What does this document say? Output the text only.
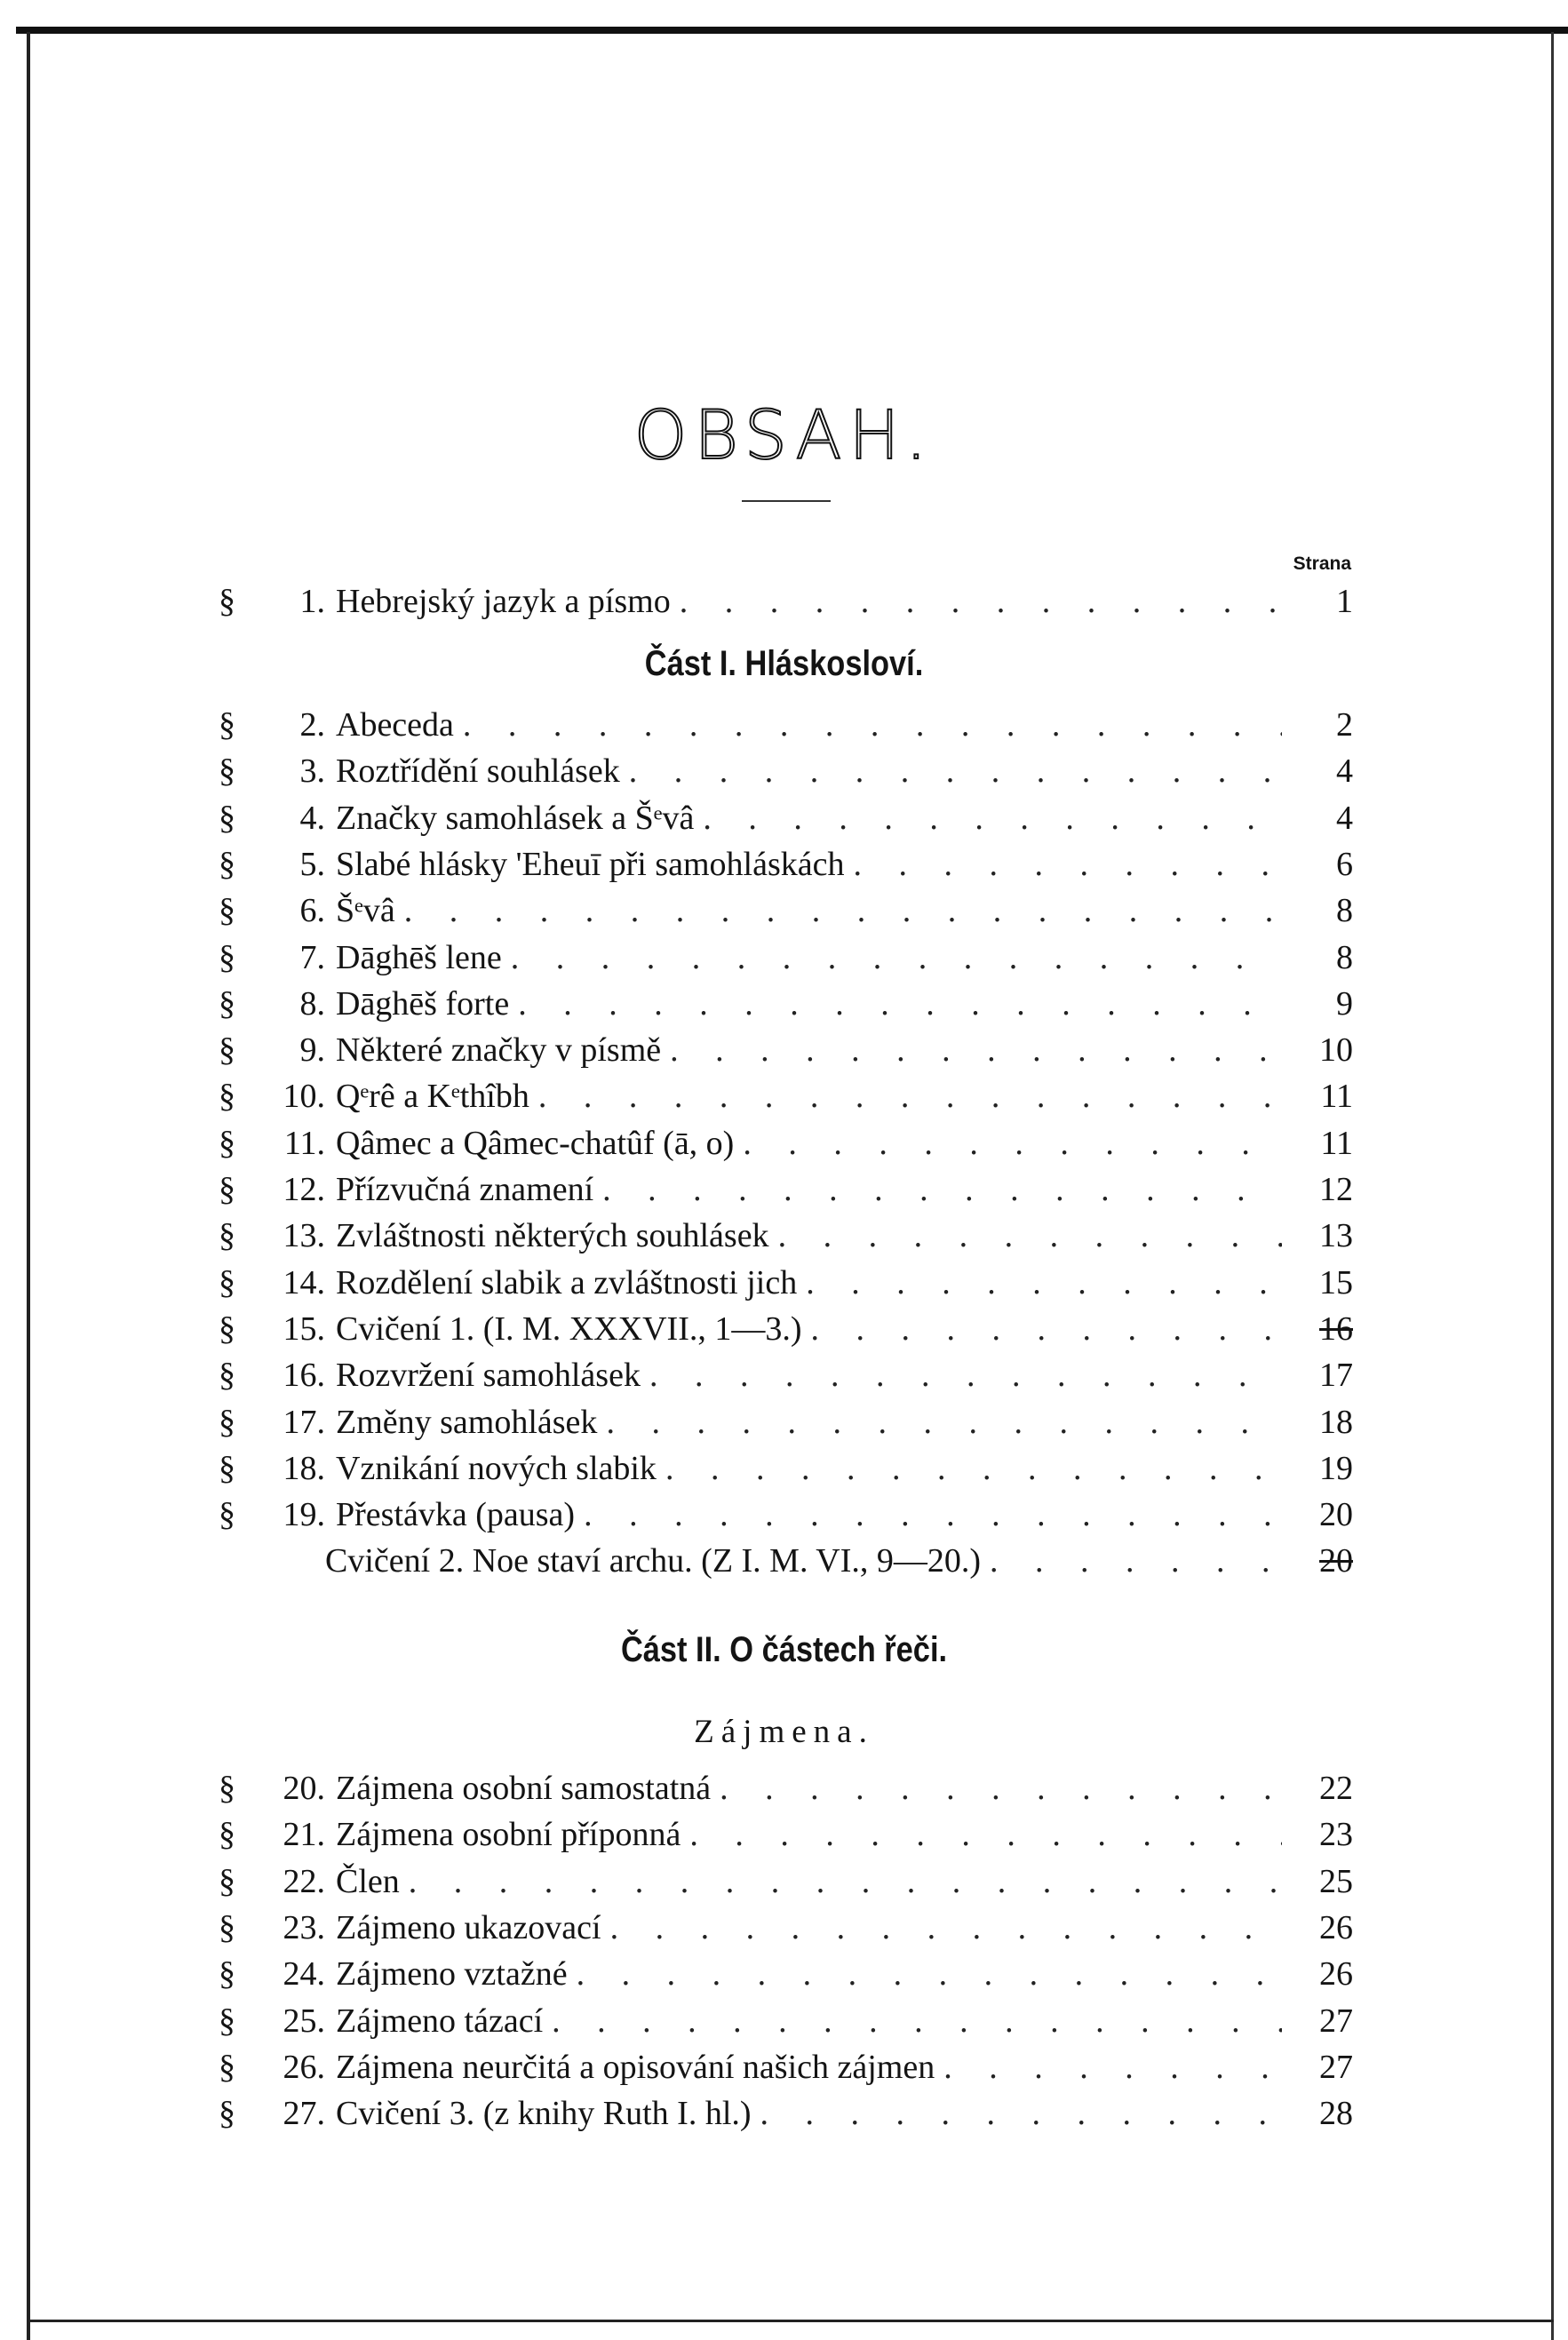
OBSAH.
Strana
§	1. Hebrejský jazyk a písmo . . .	1
Část I. Hláskosloví.
§	2. Abeceda . . .	2
§	3. Roztřídění souhlásek . . .	4
§	4. Značky samohlásek a Šᵉvâ . . .	4
§	5. Slabé hlásky 'Eheuī při samohláskách . . .	6
§	6. Šᵉvâ . . .	8
§	7. Dāghēš lene . . .	8
§	8. Dāghēš forte . . .	9
§	9. Některé značky v písmě . . .	10
§	10. Qᵉrê a Kᵉthîbh . . .	11
§	11. Qâmec a Qâmec-chatûf (ā, o) . . .	11
§	12. Přízvučná znamení . . .	12
§	13. Zvláštnosti některých souhlásek . . .	13
§	14. Rozdělení slabik a zvláštnosti jich . . .	15
§	15. Cvičení 1. (I. M. XXXVII., 1—3.) . . .	16
§	16. Rozvržení samohlásek . . .	17
§	17. Změny samohlásek . . .	18
§	18. Vznikání nových slabik . . .	19
§	19. Přestávka (pausa) . . .	20
Cvičení 2. Noe staví archu. (Z I. M. VI., 9—20.) . . .	20
Část II. O částech řeči.
Zájmena.
§	20. Zájmena osobní samostatná . . .	22
§	21. Zájmena osobní příponná . . .	23
§	22. Člen . . .	25
§	23. Zájmeno ukazovací . . .	26
§	24. Zájmeno vztažné . . .	26
§	25. Zájmeno tázací . . .	27
§	26. Zájmena neurčitá a opisování našich zájmen . . .	27
§	27. Cvičení 3. (z knihy Ruth I. hl.) . . .	28
